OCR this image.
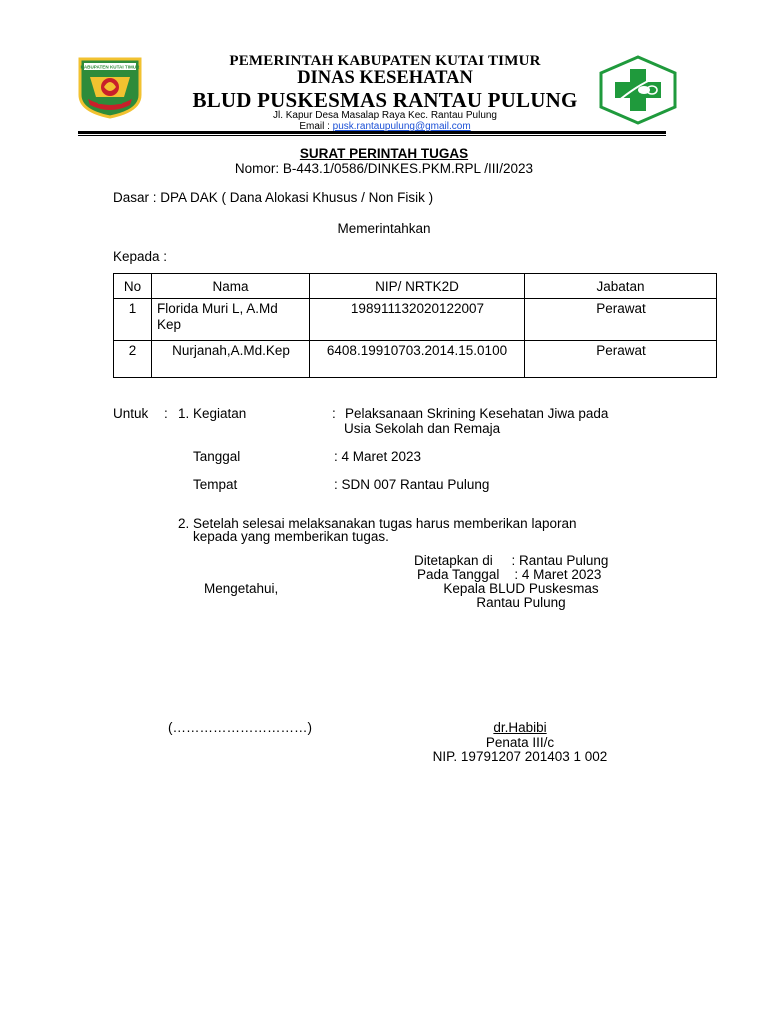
KABUPATEN KUTAI TIMUR	PEMERINTAH KABUPATEN KUTAI TIMUR
DINAS KESEHATAN
BLUD PUSKESMAS RANTAU PULUNG
Jl. Kapur Desa Masalap Raya Kec. Rantau Pulung
Email : pusk.rantaupulung@gmail.com
SURAT PERINTAH TUGAS
Nomor: B-443.1/0586/DINKES.PKM.RPL /III/2023
Dasar : DPA DAK ( Dana Alokasi Khusus / Non Fisik )
Memerintahkan
Kepada :
No	Nama	NIP/ NRTK2D	Jabatan

1	Florida Muri L, A.Md Kep	198911132020122007	Perawat

2	Nurjanah,A.Md.Kep	6408.19910703.2014.15.0100	Perawat
Untuk : 1. Kegiatan	: Pelaksanaan Skrining Kesehatan Jiwa pada
Usia Sekolah dan Remaja
Tanggal	: 4 Maret 2023
Tempat	: SDN 007 Rantau Pulung
2. Setelah selesai melaksanakan tugas harus memberikan laporan
kepada yang memberikan tugas.
Ditetapkan di     : Rantau Pulung
Pada Tanggal    : 4 Maret 2023
Kepala BLUD Puskesmas
Rantau Pulung
Mengetahui,
(…………………………)	dr.Habibi
Penata III/c
NIP. 19791207 201403 1 002
